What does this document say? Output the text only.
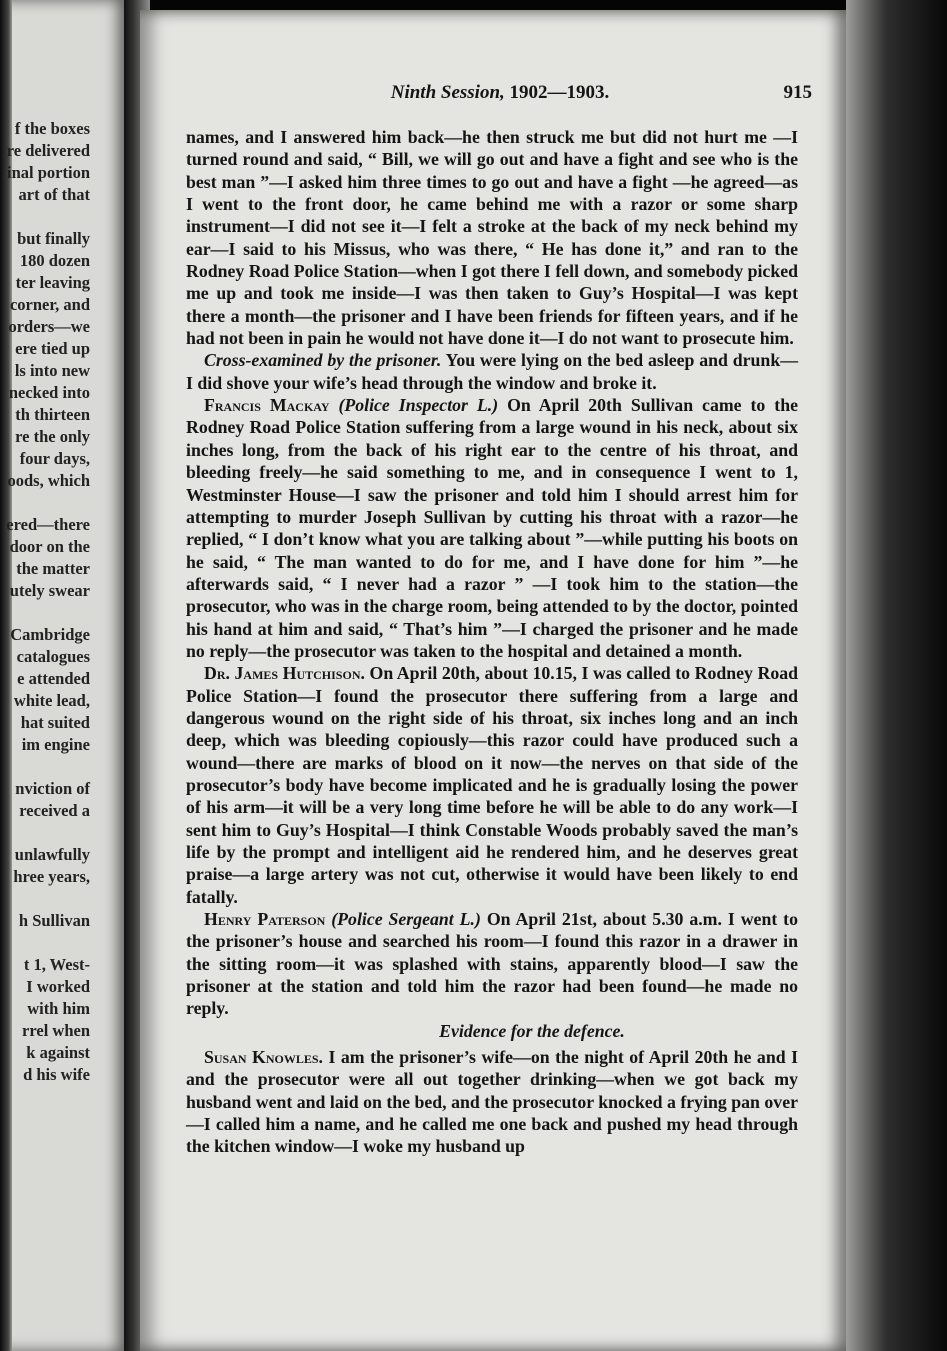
f the boxes
re delivered
inal portion
art of that

but finally
180 dozen
ter leaving
corner, and
orders—we
ere tied up
ls into new
necked into
th thirteen
re the only
four days,
oods, which

ered—there
door on the
the matter
utely swear

Cambridge
catalogues
e attended
white lead,
hat suited
im engine

nviction of
received a

unlawfully
hree years,

h Sullivan

t 1, West-
I worked
with him
rrel when
k against
d his wife
Ninth Session, 1902—1903.	915

names, and I answered him back—he then struck me but did not hurt me —I turned round and said, “ Bill, we will go out and have a fight and see who is the best man ”—I asked him three times to go out and have a fight —he agreed—as I went to the front door, he came behind me with a razor or some sharp instrument—I did not see it—I felt a stroke at the back of my neck behind my ear—I said to his Missus, who was there, “ He has done it,” and ran to the Rodney Road Police Station—when I got there I fell down, and somebody picked me up and took me inside—I was then taken to Guy’s Hospital—I was kept there a month—the prisoner and I have been friends for fifteen years, and if he had not been in pain he would not have done it—I do not want to prosecute him.

Cross-examined by the prisoner. You were lying on the bed asleep and drunk—I did shove your wife’s head through the window and broke it.

Francis Mackay (Police Inspector L.) On April 20th Sullivan came to the Rodney Road Police Station suffering from a large wound in his neck, about six inches long, from the back of his right ear to the centre of his throat, and bleeding freely—he said something to me, and in consequence I went to 1, Westminster House—I saw the prisoner and told him I should arrest him for attempting to murder Joseph Sullivan by cutting his throat with a razor—he replied, “ I don’t know what you are talking about ”—while putting his boots on he said, “ The man wanted to do for me, and I have done for him ”—he afterwards said, “ I never had a razor ” —I took him to the station—the prosecutor, who was in the charge room, being attended to by the doctor, pointed his hand at him and said, “ That’s him ”—I charged the prisoner and he made no reply—the prosecutor was taken to the hospital and detained a month.

Dr. James Hutchison. On April 20th, about 10.15, I was called to Rodney Road Police Station—I found the prosecutor there suffering from a large and dangerous wound on the right side of his throat, six inches long and an inch deep, which was bleeding copiously—this razor could have produced such a wound—there are marks of blood on it now—the nerves on that side of the prosecutor’s body have become implicated and he is gradually losing the power of his arm—it will be a very long time before he will be able to do any work—I sent him to Guy’s Hospital—I think Constable Woods probably saved the man’s life by the prompt and intelligent aid he rendered him, and he deserves great praise—a large artery was not cut, otherwise it would have been likely to end fatally.

Henry Paterson (Police Sergeant L.) On April 21st, about 5.30 a.m. I went to the prisoner’s house and searched his room—I found this razor in a drawer in the sitting room—it was splashed with stains, apparently blood—I saw the prisoner at the station and told him the razor had been found—he made no reply.

Evidence for the defence.

Susan Knowles. I am the prisoner’s wife—on the night of April 20th he and I and the prosecutor were all out together drinking—when we got back my husband went and laid on the bed, and the prosecutor knocked a frying pan over—I called him a name, and he called me one back and pushed my head through the kitchen window—I woke my husband up
